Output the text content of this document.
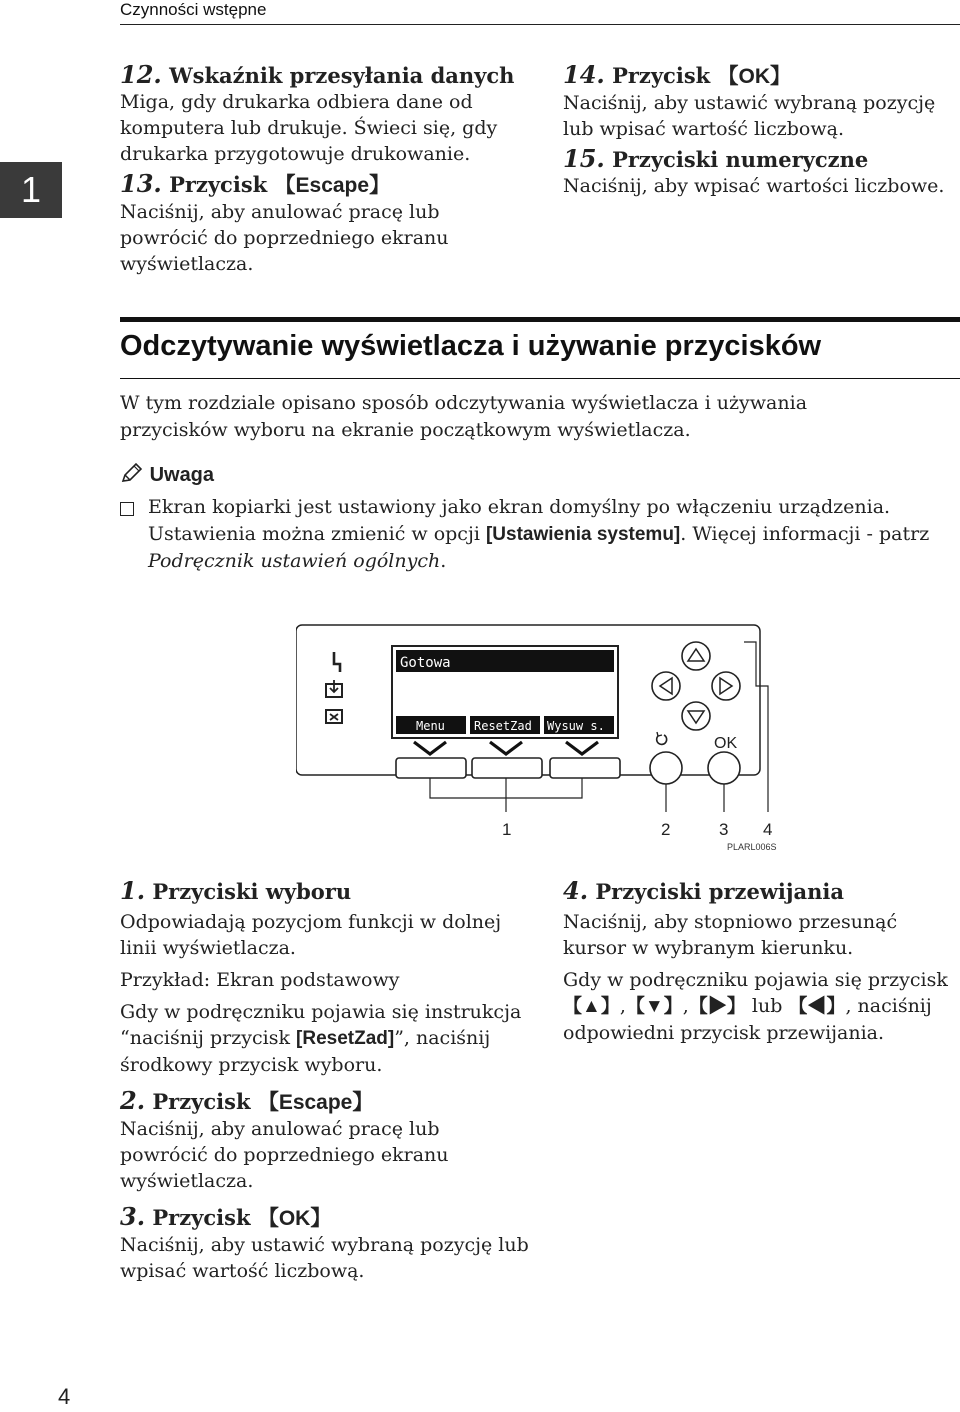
Czynności wstępne
1
12. Wskaźnik przesyłania danych

Miga, gdy drukarka odbiera dane od komputera lub drukuje. Świeci się, gdy drukarka przygotowuje drukowanie.

13. Przycisk 【Escape】

Naciśnij, aby anulować pracę lub powrócić do poprzedniego ekranu wyświetlacza.

14. Przycisk 【OK】

Naciśnij, aby ustawić wybraną pozycję lub wpisać wartość liczbową.

15. Przyciski numeryczne

Naciśnij, aby wpisać wartości liczbowe.

Odczytywanie wyświetlacza i używanie przycisków

W tym rozdziale opisano sposób odczytywania wyświetlacza i używania przycisków wyboru na ekranie początkowym wyświetlacza.

Uwaga

Ekran kopiarki jest ustawiony jako ekran domyślny po włączeniu urządzenia. Ustawienia można zmienić w opcji [Ustawienia systemu]. Więcej informacji - patrz Podręcznik ustawień ogólnych.

Gotowa
Menu ResetZad Wysuw s.
OK
1	2	3 4
PLARL006S
1. Przyciski wyboru

Odpowiadają pozycjom funkcji w dolnej linii wyświetlacza.

Przykład: Ekran podstawowy

Gdy w podręczniku pojawia się instrukcja “naciśnij przycisk [ResetZad]”, naciśnij środkowy przycisk wyboru.

2. Przycisk 【Escape】

Naciśnij, aby anulować pracę lub powrócić do poprzedniego ekranu wyświetlacza.

3. Przycisk 【OK】

Naciśnij, aby ustawić wybraną pozycję lub wpisać wartość liczbową.

4. Przyciski przewijania

Naciśnij, aby stopniowo przesunąć kursor w wybranym kierunku.

Gdy w podręczniku pojawia się przycisk 【▲】,【▼】,【▶】 lub 【◀】, naciśnij odpowiedni przycisk przewijania.

4
